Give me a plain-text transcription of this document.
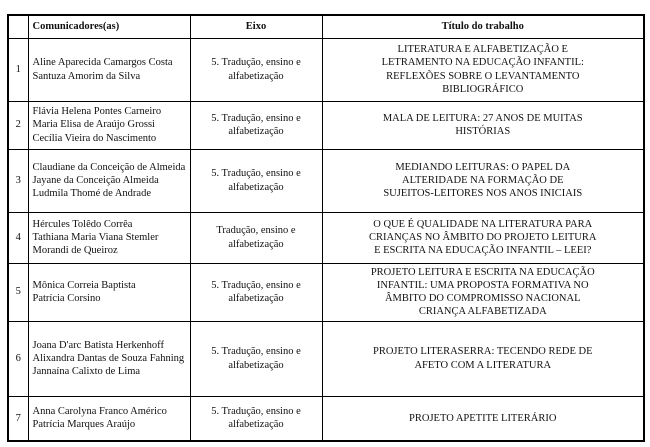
	Comunicadores(as)	Eixo	Título do trabalho
1	Aline Aparecida Camargos Costa
Santuza Amorim da Silva	5. Tradução, ensino e alfabetização	LITERATURA E ALFABETIZAÇÃO E
LETRAMENTO NA EDUCAÇÃO INFANTIL:
REFLEXÕES SOBRE O LEVANTAMENTO
BIBLIOGRÁFICO
2	Flávia Helena Pontes Carneiro
Maria Elisa de Araújo Grossi
Cecília Vieira do Nascimento	5. Tradução, ensino e alfabetização	MALA DE LEITURA: 27 ANOS DE MUITAS
HISTÓRIAS
3	Claudiane da Conceição de Almeida
Jayane da Conceição Almeida
Ludmila Thomé de Andrade	5. Tradução, ensino e alfabetização	MEDIANDO LEITURAS: O PAPEL DA
ALTERIDADE NA FORMAÇÃO DE
SUJEITOS-LEITORES NOS ANOS INICIAIS
4	Hércules Tolêdo Corrêa
Tathiana Maria Viana Stemler Morandi de Queiroz	Tradução, ensino e alfabetização	O QUE É QUALIDADE NA LITERATURA PARA
CRIANÇAS NO ÂMBITO DO PROJETO LEITURA
E ESCRITA NA EDUCAÇÃO INFANTIL – LEEI?
5	Mônica Correia Baptista
Patrícia Corsino	5. Tradução, ensino e alfabetização	PROJETO LEITURA E ESCRITA NA EDUCAÇÃO
INFANTIL: UMA PROPOSTA FORMATIVA NO
ÂMBITO DO COMPROMISSO NACIONAL
CRIANÇA ALFABETIZADA
6	Joana D'arc Batista Herkenhoff
Alixandra Dantas de Souza Fahning
Jannaína Calixto de Lima	5. Tradução, ensino e alfabetização	PROJETO LITERASERRA: TECENDO REDE DE
AFETO COM A LITERATURA
7	Anna Carolyna Franco Américo
Patrícia Marques Araújo	5. Tradução, ensino e alfabetização	PROJETO APETITE LITERÁRIO
